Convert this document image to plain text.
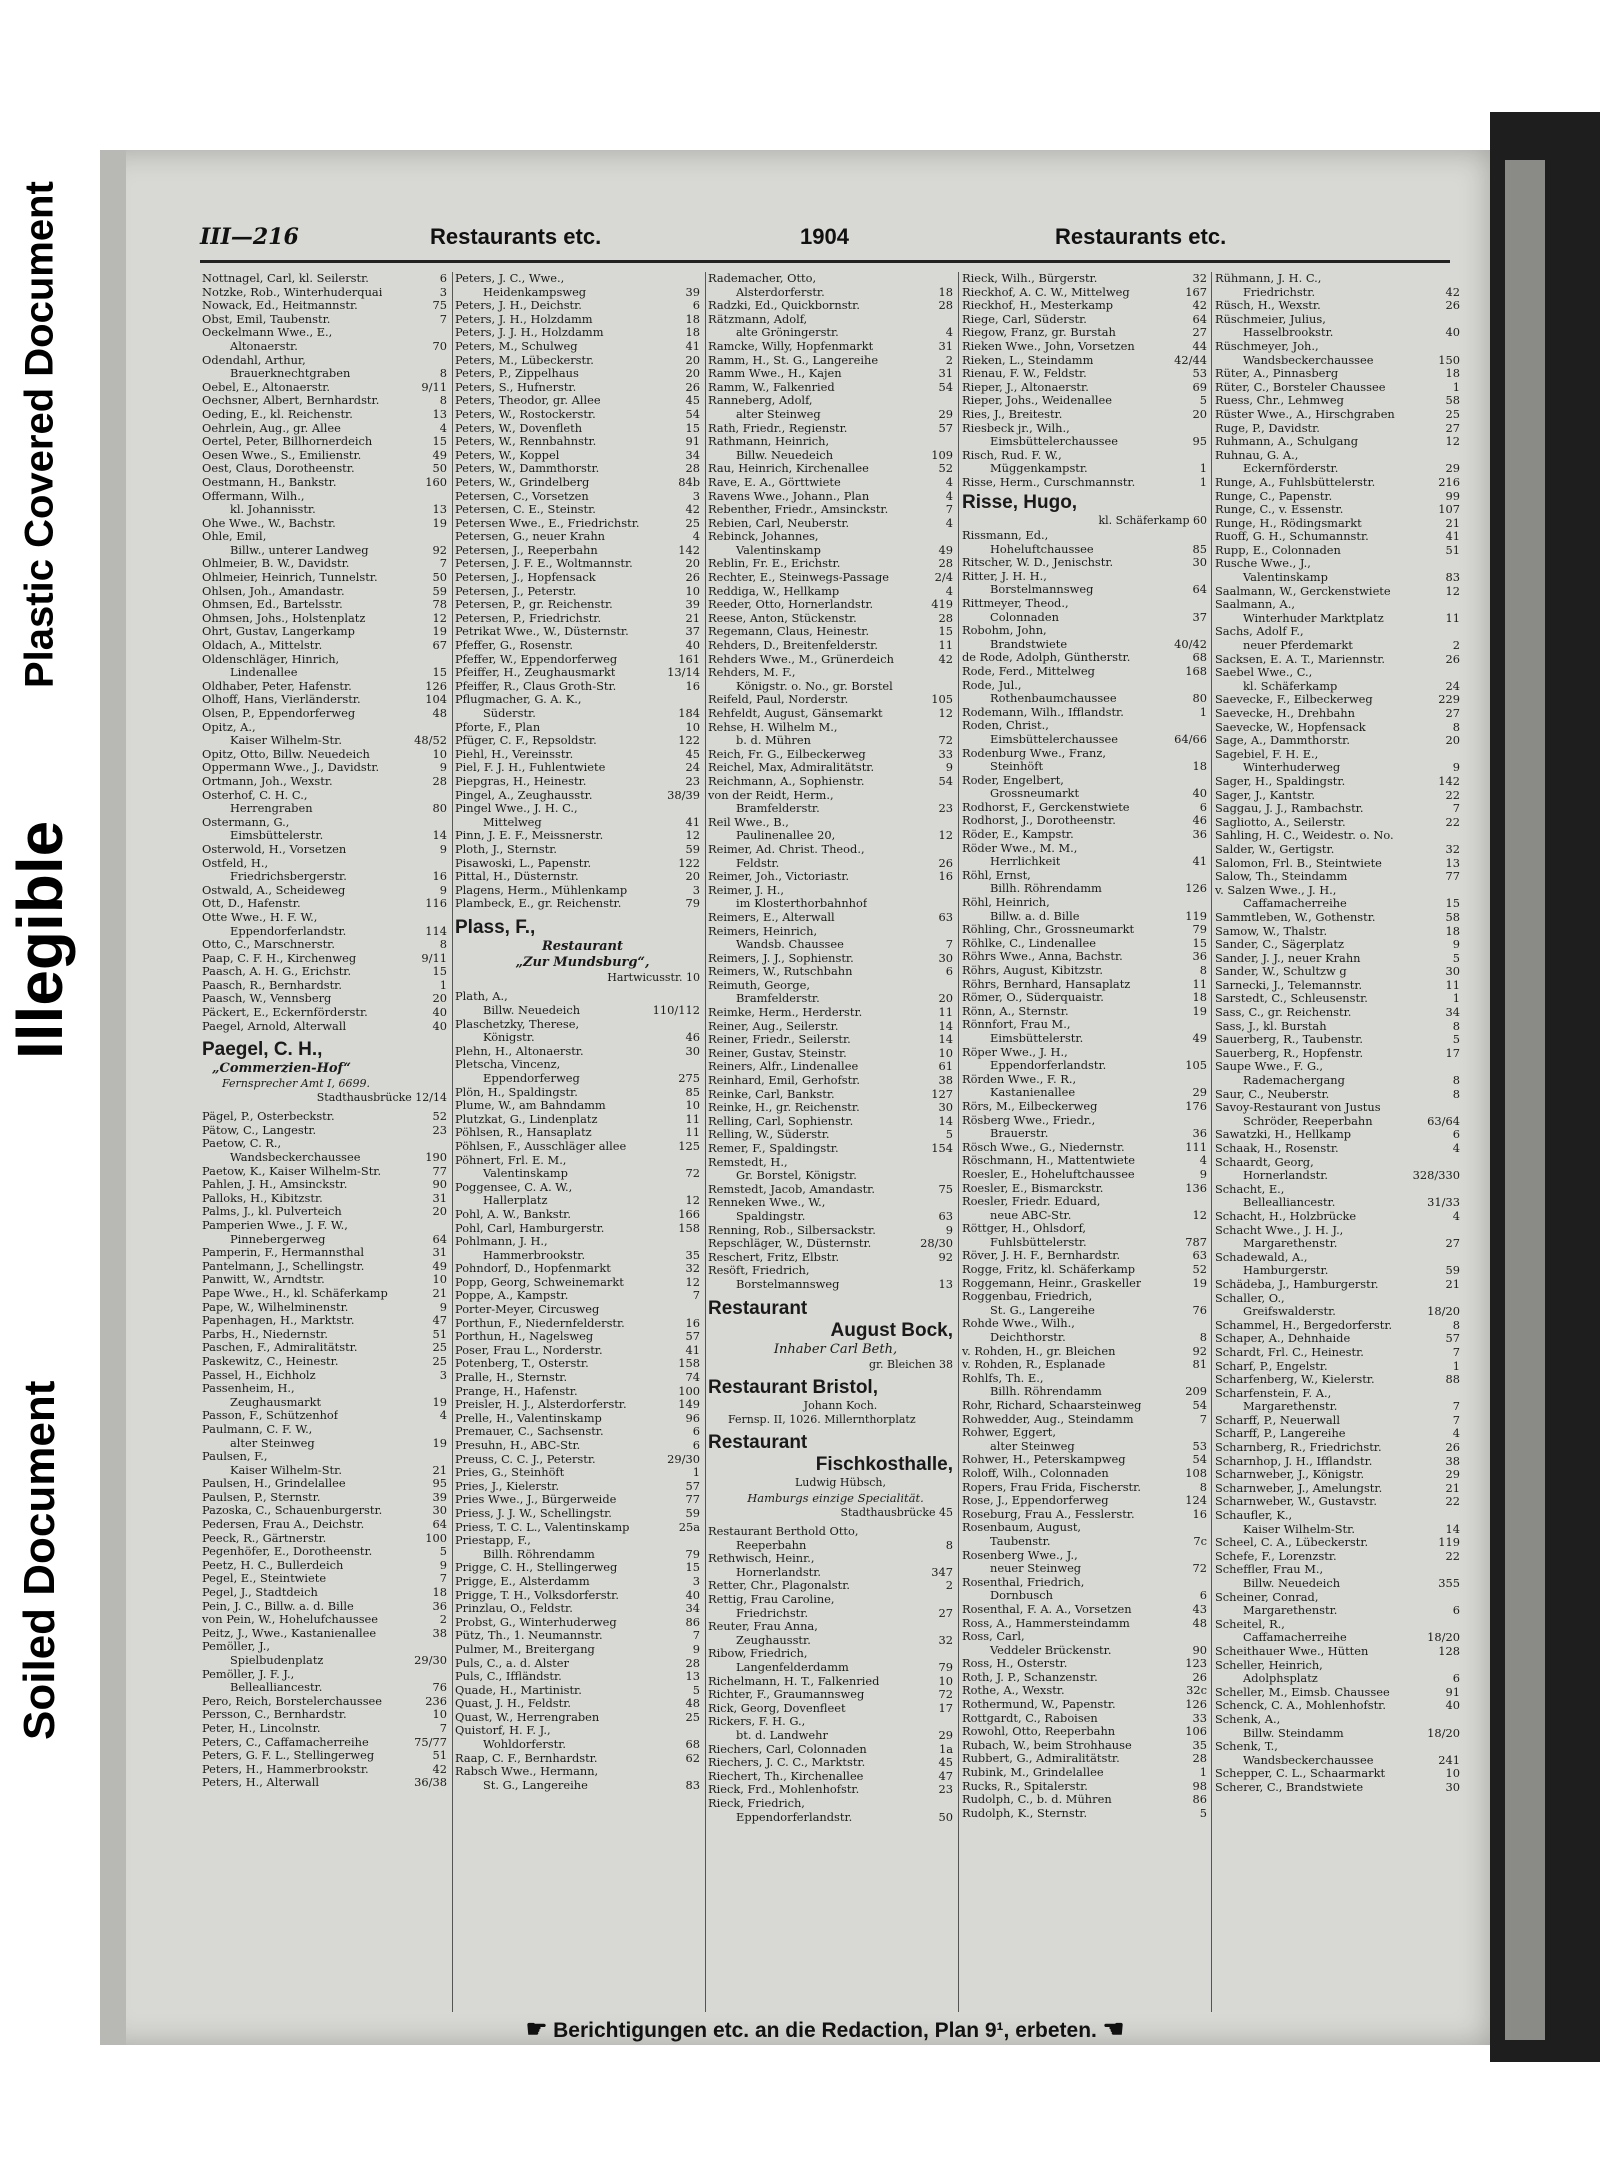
Plastic Covered Document
Illegible
Soiled Document
III—216	Restaurants etc.	1904	Restaurants etc.
Nottnagel, Carl, kl. Seilerstr.	6
Notzke, Rob., Winterhuderquai	3
Nowack, Ed., Heitmannstr.	75
Obst, Emil, Taubenstr.	7
Oeckelmann Wwe., E.,
Altonaerstr.	70
Odendahl, Arthur,
Brauerknechtgraben	8
Oebel, E., Altonaerstr.	9/11
Oechsner, Albert, Bernhardstr.	8
Oeding, E., kl. Reichenstr.	13
Oehrlein, Aug., gr. Allee	4
Oertel, Peter, Billhornerdeich	15
Oesen Wwe., S., Emilienstr.	49
Oest, Claus, Dorotheenstr.	50
Oestmann, H., Bankstr.	160
Offermann, Wilh.,
kl. Johannisstr.	13
Ohe Wwe., W., Bachstr.	19
Ohle, Emil,
Billw., unterer Landweg	92
Ohlmeier, B. W., Davidstr.	7
Ohlmeier, Heinrich, Tunnelstr.	50
Ohlsen, Joh., Amandastr.	59
Ohmsen, Ed., Bartelsstr.	78
Ohmsen, Johs., Holstenplatz	12
Ohrt, Gustav, Langerkamp	19
Oldach, A., Mittelstr.	67
Oldenschläger, Hinrich,
Lindenallee	15
Oldhaber, Peter, Hafenstr.	126
Olhoff, Hans, Vierländerstr.	104
Olsen, P., Eppendorferweg	48
Opitz, A.,
Kaiser Wilhelm-Str.	48/52
Opitz, Otto, Billw. Neuedeich	10
Oppermann Wwe., J., Davidstr.	9
Ortmann, Joh., Wexstr.	28
Osterhof, C. H. C.,
Herrengraben	80
Ostermann, G.,
Eimsbüttelerstr.	14
Osterwold, H., Vorsetzen	9
Ostfeld, H.,
Friedrichsbergerstr.	16
Ostwald, A., Scheideweg	9
Ott, D., Hafenstr.	116
Otte Wwe., H. F. W.,
Eppendorferlandstr.	114
Otto, C., Marschnerstr.	8
Paap, C. F. H., Kirchenweg	9/11
Paasch, A. H. G., Erichstr.	15
Paasch, R., Bernhardstr.	1
Paasch, W., Vennsberg	20
Päckert, E., Eckernförderstr.	40
Paegel, Arnold, Alterwall	40
Paegel, C. H.,
„Commerzien-Hof“
Fernsprecher Amt I, 6699.
Stadthausbrücke 12/14
Pägel, P., Osterbeckstr.	52
Pätow, C., Langestr.	23
Paetow, C. R.,
Wandsbeckerchaussee	190
Paetow, K., Kaiser Wilhelm-Str.	77
Pahlen, J. H., Amsinckstr.	90
Palloks, H., Kibitzstr.	31
Palms, J., kl. Pulverteich	20
Pamperien Wwe., J. F. W.,
Pinnebergerweg	64
Pamperin, F., Hermannsthal	31
Pantelmann, J., Schellingstr.	49
Panwitt, W., Arndtstr.	10
Pape Wwe., H., kl. Schäferkamp	21
Pape, W., Wilhelminenstr.	9
Papenhagen, H., Marktstr.	47
Parbs, H., Niedernstr.	51
Paschen, F., Admiralitätstr.	25
Paskewitz, C., Heinestr.	25
Passel, H., Eichholz	3
Passenheim, H.,
Zeughausmarkt	19
Passon, F., Schützenhof	4
Paulmann, C. F. W.,
alter Steinweg	19
Paulsen, F.,
Kaiser Wilhelm-Str.	21
Paulsen, H., Grindelallee	95
Paulsen, P., Sternstr.	39
Pazoska, C., Schauenburgerstr.	30
Pedersen, Frau A., Deichstr.	64
Peeck, R., Gärtnerstr.	100
Pegenhöfer, E., Dorotheenstr.	5
Peetz, H. C., Bullerdeich	9
Pegel, E., Steintwiete	7
Pegel, J., Stadtdeich	18
Pein, J. C., Billw. a. d. Bille	36
von Pein, W., Hohelufchaussee	2
Peitz, J., Wwe., Kastanienallee	38
Pemöller, J.,
Spielbudenplatz	29/30
Pemöller, J. F. J.,
Bellealliancestr.	76
Pero, Reich, Borstelerchaussee	236
Persson, C., Bernhardstr.	10
Peter, H., Lincolnstr.	7
Peters, C., Caffamacherreihe	75/77
Peters, G. F. L., Stellingerweg	51
Peters, H., Hammerbrookstr.	42
Peters, H., Alterwall	36/38
Peters, J. C., Wwe.,
Heidenkampsweg	39
Peters, J. H., Deichstr.	6
Peters, J. H., Holzdamm	18
Peters, J. J. H., Holzdamm	18
Peters, M., Schulweg	41
Peters, M., Lübeckerstr.	20
Peters, P., Zippelhaus	20
Peters, S., Hufnerstr.	26
Peters, Theodor, gr. Allee	45
Peters, W., Rostockerstr.	54
Peters, W., Dovenfleth	15
Peters, W., Rennbahnstr.	91
Peters, W., Koppel	34
Peters, W., Dammthorstr.	28
Peters, W., Grindelberg	84b
Petersen, C., Vorsetzen	3
Petersen, C. E., Steinstr.	42
Petersen Wwe., E., Friedrichstr.	25
Petersen, G., neuer Krahn	4
Petersen, J., Reeperbahn	142
Petersen, J. F. E., Woltmannstr.	20
Petersen, J., Hopfensack	26
Petersen, J., Peterstr.	10
Petersen, P., gr. Reichenstr.	39
Petersen, P., Friedrichstr.	21
Petrikat Wwe., W., Düsternstr.	37
Pfeffer, G., Rosenstr.	40
Pfeffer, W., Eppendorferweg	161
Pfeiffer, H., Zeughausmarkt	13/14
Pfeiffer, R., Claus Groth-Str.	16
Pflugmacher, G. A. K.,
Süderstr.	184
Pforte, F., Plan	10
Pfüger, C. F., Repsoldstr.	122
Piehl, H., Vereinsstr.	45
Piel, F. J. H., Fuhlentwiete	24
Piepgras, H., Heinestr.	23
Pingel, A., Zeughausstr.	38/39
Pingel Wwe., J. H. C.,
Mittelweg	41
Pinn, J. E. F., Meissnerstr.	12
Ploth, J., Sternstr.	59
Pisawoski, L., Papenstr.	122
Pittal, H., Düsternstr.	20
Plagens, Herm., Mühlenkamp	3
Plambeck, E., gr. Reichenstr.	79
Plass, F.,
Restaurant
„Zur Mundsburg“,
Hartwicusstr. 10
Plath, A.,
Billw. Neuedeich	110/112
Plaschetzky, Therese,
Königstr.	46
Plehn, H., Altonaerstr.	30
Pletscha, Vincenz,
Eppendorferweg	275
Plön, H., Spaldingstr.	85
Plume, W., am Bahndamm	10
Plutzkat, G., Lindenplatz	11
Pöhlsen, R., Hansaplatz	11
Pöhlsen, F., Ausschläger allee	125
Pöhnert, Frl. E. M.,
Valentinskamp	72
Poggensee, C. A. W.,
Hallerplatz	12
Pohl, A. W., Bankstr.	166
Pohl, Carl, Hamburgerstr.	158
Pohlmann, J. H.,
Hammerbrookstr.	35
Pohndorf, D., Hopfenmarkt	32
Popp, Georg, Schweinemarkt	12
Poppe, A., Kampstr.	7
Porter-Meyer, Circusweg
Porthun, F., Niedernfelderstr.	16
Porthun, H., Nagelsweg	57
Poser, Frau L., Norderstr.	41
Potenberg, T., Osterstr.	158
Pralle, H., Sternstr.	74
Prange, H., Hafenstr.	100
Preisler, H. J., Alsterdorferstr.	149
Prelle, H., Valentinskamp	96
Premauer, C., Sachsenstr.	6
Presuhn, H., ABC-Str.	6
Preuss, C. C. J., Peterstr.	29/30
Pries, G., Steinhöft	1
Pries, J., Kielerstr.	57
Pries Wwe., J., Bürgerweide	77
Priess, J. J. W., Schellingstr.	59
Priess, T. C. L., Valentinskamp	25a
Priestapp, F.,
Billh. Röhrendamm	79
Prigge, C. H., Stellingerweg	15
Prigge, E., Alsterdamm	3
Prigge, T. H., Volksdorferstr.	40
Prinzlau, O., Feldstr.	34
Probst, G., Winterhuderweg	86
Pütz, Th., 1. Neumannstr.	7
Pulmer, M., Breitergang	9
Puls, C., a. d. Alster	28
Puls, C., Iffländstr.	13
Quade, H., Martinistr.	5
Quast, J. H., Feldstr.	48
Quast, W., Herrengraben	25
Quistorf, H. F. J.,
Wohldorferstr.	68
Raap, C. F., Bernhardstr.	62
Rabsch Wwe., Hermann,
St. G., Langereihe	83
Rademacher, Otto,
Alsterdorferstr.	18
Radzki, Ed., Quickbornstr.	28
Rätzmann, Adolf,
alte Gröningerstr.	4
Ramcke, Willy, Hopfenmarkt	31
Ramm, H., St. G., Langereihe	2
Ramm Wwe., H., Kajen	31
Ramm, W., Falkenried	54
Ranneberg, Adolf,
alter Steinweg	29
Rath, Friedr., Regienstr.	57
Rathmann, Heinrich,
Billw. Neuedeich	109
Rau, Heinrich, Kirchenallee	52
Rave, E. A., Görttwiete	4
Ravens Wwe., Johann., Plan	4
Rebenther, Friedr., Amsinckstr.	7
Rebien, Carl, Neuberstr.	4
Rebinck, Johannes,
Valentinskamp	49
Reblin, Fr. E., Erichstr.	28
Rechter, E., Steinwegs-Passage	2/4
Reddiga, W., Hellkamp	4
Reeder, Otto, Hornerlandstr.	419
Reese, Anton, Stückenstr.	28
Regemann, Claus, Heinestr.	15
Rehders, D., Breitenfelderstr.	11
Rehders Wwe., M., Grünerdeich	42
Rehders, M. F.,
Königstr. o. No., gr. Borstel
Reifeld, Paul, Norderstr.	105
Rehfeldt, August, Gänsemarkt	12
Rehse, H. Wilhelm M.,
b. d. Mühren	72
Reich, Fr. G., Eilbeckerweg	33
Reichel, Max, Admiralitätstr.	9
Reichmann, A., Sophienstr.	54
von der Reidt, Herm.,
Bramfelderstr.	23
Reil Wwe., B.,
Paulinenallee 20,	12
Reimer, Ad. Christ. Theod.,
Feldstr.	26
Reimer, Joh., Victoriastr.	16
Reimer, J. H.,
im Klosterthorbahnhof
Reimers, E., Alterwall	63
Reimers, Heinrich,
Wandsb. Chaussee	7
Reimers, J. J., Sophienstr.	30
Reimers, W., Rutschbahn	6
Reimuth, George,
Bramfelderstr.	20
Reimke, Herm., Herderstr.	11
Reiner, Aug., Seilerstr.	14
Reiner, Friedr., Seilerstr.	14
Reiner, Gustav, Steinstr.	10
Reiners, Alfr., Lindenallee	61
Reinhard, Emil, Gerhofstr.	38
Reinke, Carl, Bankstr.	127
Reinke, H., gr. Reichenstr.	30
Relling, Carl, Sophienstr.	14
Relling, W., Süderstr.	5
Remer, F., Spaldingstr.	154
Remstedt, H.,
Gr. Borstel, Königstr.
Remstedt, Jacob, Amandastr.	75
Renneken Wwe., W.,
Spaldingstr.	63
Renning, Rob., Silbersackstr.	9
Repschläger, W., Düsternstr.	28/30
Reschert, Fritz, Elbstr.	92
Resöft, Friedrich,
Borstelmannsweg	13
Restaurant
August Bock,
Inhaber Carl Beth,
gr. Bleichen 38
Restaurant Bristol,
Johann Koch.
Fernsp. II, 1026. Millernthorplatz
Restaurant
Fischkosthalle,
Ludwig Hübsch,
Hamburgs einzige Specialität.
Stadthausbrücke 45
Restaurant Berthold Otto,
Reeperbahn	8
Rethwisch, Heinr.,
Hornerlandstr.	347
Retter, Chr., Plagonalstr.	2
Rettig, Frau Caroline,
Friedrichstr.	27
Reuter, Frau Anna,
Zeughausstr.	32
Ribow, Friedrich,
Langenfelderdamm	79
Richelmann, H. T., Falkenried	10
Richter, F., Graumannsweg	72
Rick, Georg, Dovenfleet	17
Rickers, F. H. G.,
bt. d. Landwehr	29
Riechers, Carl, Colonnaden	1a
Riechers, J. C. C., Marktstr.	45
Riechert, Th., Kirchenallee	47
Rieck, Frd., Mohlenhofstr.	23
Rieck, Friedrich,
Eppendorferlandstr.	50
Rieck, Wilh., Bürgerstr.	32
Rieckhof, A. C. W., Mittelweg	167
Rieckhof, H., Mesterkamp	42
Riege, Carl, Süderstr.	64
Riegow, Franz, gr. Burstah	27
Rieken Wwe., John, Vorsetzen	44
Rieken, L., Steindamm	42/44
Rienau, F. W., Feldstr.	53
Rieper, J., Altonaerstr.	69
Rieper, Johs., Weidenallee	5
Ries, J., Breitestr.	20
Riesbeck jr., Wilh.,
Eimsbüttelerchaussee	95
Risch, Rud. F. W.,
Müggenkampstr.	1
Risse, Herm., Curschmannstr.	1
Risse, Hugo,
kl. Schäferkamp 60
Rissmann, Ed.,
Hoheluftchaussee	85
Ritscher, W. D., Jenischstr.	30
Ritter, J. H. H.,
Borstelmannsweg	64
Rittmeyer, Theod.,
Colonnaden	37
Robohm, John,
Brandstwiete	40/42
de Rode, Adolph, Güntherstr.	68
Rode, Ferd., Mittelweg	168
Rode, Jul.,
Rothenbaumchaussee	80
Rodemann, Wilh., Ifflandstr.	1
Roden, Christ.,
Eimsbüttelerchaussee	64/66
Rodenburg Wwe., Franz,
Steinhöft	18
Roder, Engelbert,
Grossneumarkt	40
Rodhorst, F., Gerckenstwiete	6
Rodhorst, J., Dorotheenstr.	46
Röder, E., Kampstr.	36
Röder Wwe., M. M.,
Herrlichkeit	41
Röhl, Ernst,
Billh. Röhrendamm	126
Röhl, Heinrich,
Billw. a. d. Bille	119
Röhling, Chr., Grossneumarkt	79
Röhlke, C., Lindenallee	15
Röhrs Wwe., Anna, Bachstr.	36
Röhrs, August, Kibitzstr.	8
Röhrs, Bernhard, Hansaplatz	11
Römer, O., Süderquaistr.	18
Rönn, A., Sternstr.	19
Rönnfort, Frau M.,
Eimsbüttelerstr.	49
Röper Wwe., J. H.,
Eppendorferlandstr.	105
Rörden Wwe., F. R.,
Kastanienallee	29
Rörs, M., Eilbeckerweg	176
Rösberg Wwe., Friedr.,
Brauerstr.	36
Rösch Wwe., G., Niedernstr.	111
Röschmann, H., Mattentwiete	4
Roesler, E., Hoheluftchaussee	9
Roesler, E., Bismarckstr.	136
Roesler, Friedr. Eduard,
neue ABC-Str.	12
Röttger, H., Ohlsdorf,
Fuhlsbüttelerstr.	787
Röver, J. H. F., Bernhardstr.	63
Rogge, Fritz, kl. Schäferkamp	52
Roggemann, Heinr., Graskeller	19
Roggenbau, Friedrich,
St. G., Langereihe	76
Rohde Wwe., Wilh.,
Deichthorstr.	8
v. Rohden, H., gr. Bleichen	92
v. Rohden, R., Esplanade	81
Rohlfs, Th. E.,
Billh. Röhrendamm	209
Rohr, Richard, Schaarsteinweg	54
Rohwedder, Aug., Steindamm	7
Rohwer, Eggert,
alter Steinweg	53
Rohwer, H., Peterskampweg	54
Roloff, Wilh., Colonnaden	108
Ropers, Frau Frida, Fischerstr.	8
Rose, J., Eppendorferweg	124
Roseburg, Frau A., Fesslerstr.	16
Rosenbaum, August,
Taubenstr.	7c
Rosenberg Wwe., J.,
neuer Steinweg	72
Rosenthal, Friedrich,
Dornbusch	6
Rosenthal, F. A. A., Vorsetzen	43
Ross, A., Hammersteindamm	48
Ross, Carl,
Veddeler Brückenstr.	90
Ross, H., Osterstr.	123
Roth, J. P., Schanzenstr.	26
Rothe, A., Wexstr.	32c
Rothermund, W., Papenstr.	126
Rottgardt, C., Raboisen	33
Rowohl, Otto, Reeperbahn	106
Rubach, W., beim Strohhause	35
Rubbert, G., Admiralitätstr.	28
Rubink, M., Grindelallee	1
Rucks, R., Spitalerstr.	98
Rudolph, C., b. d. Mühren	86
Rudolph, K., Sternstr.	5
Rühmann, J. H. C.,
Friedrichstr.	42
Rüsch, H., Wexstr.	26
Rüschmeier, Julius,
Hasselbrookstr.	40
Rüschmeyer, Joh.,
Wandsbeckerchaussee	150
Rüter, A., Pinnasberg	18
Rüter, C., Borsteler Chaussee	1
Ruess, Chr., Lehmweg	58
Rüster Wwe., A., Hirschgraben	25
Ruge, P., Davidstr.	27
Ruhmann, A., Schulgang	12
Ruhnau, G. A.,
Eckernförderstr.	29
Runge, A., Fuhlsbüttelerstr.	216
Runge, C., Papenstr.	99
Runge, C., v. Essenstr.	107
Runge, H., Rödingsmarkt	21
Ruoff, G. H., Schumannstr.	41
Rupp, E., Colonnaden	51
Rusche Wwe., J.,
Valentinskamp	83
Saalmann, W., Gerckenstwiete	12
Saalmann, A.,
Winterhuder Marktplatz	11
Sachs, Adolf F.,
neuer Pferdemarkt	2
Sacksen, E. A. T., Mariennstr.	26
Saebel Wwe., C.,
kl. Schäferkamp	24
Saevecke, F., Eilbeckerweg	229
Saevecke, H., Drehbahn	27
Saevecke, W., Hopfensack	8
Sage, A., Dammthorstr.	20
Sagebiel, F. H. E.,
Winterhuderweg	9
Sager, H., Spaldingstr.	142
Sager, J., Kantstr.	22
Saggau, J. J., Rambachstr.	7
Sagliotto, A., Seilerstr.	22
Sahling, H. C., Weidestr. o. No.
Salder, W., Gertigstr.	32
Salomon, Frl. B., Steintwiete	13
Salow, Th., Steindamm	77
v. Salzen Wwe., J. H.,
Caffamacherreihe	15
Sammtleben, W., Gothenstr.	58
Samow, W., Thalstr.	18
Sander, C., Sägerplatz	9
Sander, J. J., neuer Krahn	5
Sander, W., Schultzw g	30
Sarnecki, J., Telemannstr.	11
Sarstedt, C., Schleusenstr.	1
Sass, C., gr. Reichenstr.	34
Sass, J., kl. Burstah	8
Sauerberg, R., Taubenstr.	5
Sauerberg, R., Hopfenstr.	17
Saupe Wwe., F. G.,
Rademachergang	8
Saur, C., Neuberstr.	8
Savoy-Restaurant von Justus
Schröder, Reeperbahn	63/64
Sawatzki, H., Hellkamp	6
Schaak, H., Rosenstr.	4
Schaardt, Georg,
Hornerlandstr.	328/330
Schacht, E.,
Bellealliancestr.	31/33
Schacht, H., Holzbrücke	4
Schacht Wwe., J. H. J.,
Margarethenstr.	27
Schadewald, A.,
Hamburgerstr.	59
Schädeba, J., Hamburgerstr.	21
Schaller, O.,
Greifswalderstr.	18/20
Schammel, H., Bergedorferstr.	8
Schaper, A., Dehnhaide	57
Schardt, Frl. C., Heinestr.	7
Scharf, P., Engelstr.	1
Scharfenberg, W., Kielerstr.	88
Scharfenstein, F. A.,
Margarethenstr.	7
Scharff, P., Neuerwall	7
Scharff, P., Langereihe	4
Scharnberg, R., Friedrichstr.	26
Scharnhop, J. H., Ifflandstr.	38
Scharnweber, J., Königstr.	29
Scharnweber, J., Amelungstr.	21
Scharnweber, W., Gustavstr.	22
Schaufler, K.,
Kaiser Wilhelm-Str.	14
Scheel, C. A., Lübeckerstr.	119
Schefe, F., Lorenzstr.	22
Scheffler, Frau M.,
Billw. Neuedeich	355
Scheiner, Conrad,
Margarethenstr.	6
Scheitel, R.,
Caffamacherreihe	18/20
Scheithauer Wwe., Hütten	128
Scheller, Heinrich,
Adolphsplatz	6
Scheller, M., Eimsb. Chaussee	91
Schenck, C. A., Mohlenhofstr.	40
Schenk, A.,
Billw. Steindamm	18/20
Schenk, T.,
Wandsbeckerchaussee	241
Schepper, C. L., Schaarmarkt	10
Scherer, C., Brandstwiete	30
☛ Berichtigungen etc. an die Redaction, Plan 9¹, erbeten. ☚
